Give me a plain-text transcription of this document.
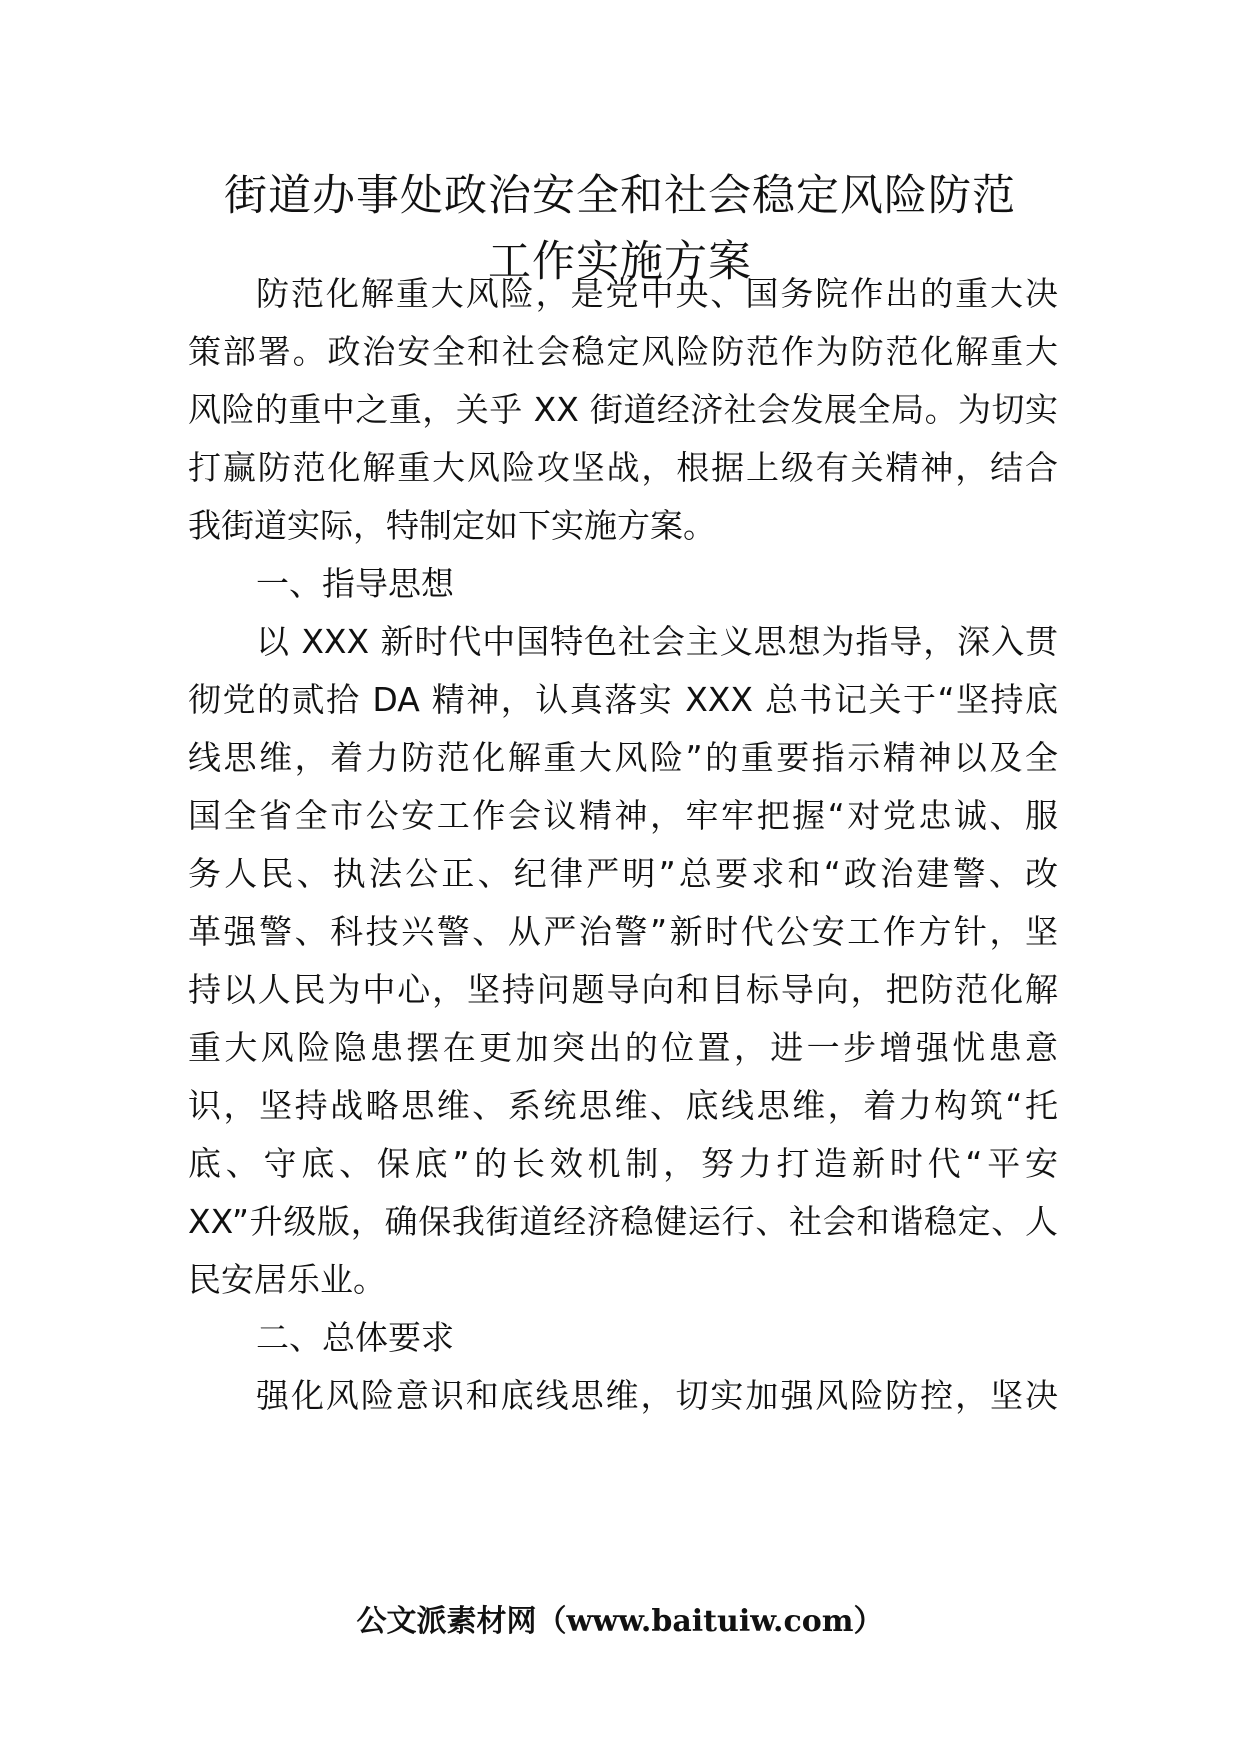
街道办事处政治安全和社会稳定风险防范
工作实施方案
防范化解重大风险，是党中央、国务院作出的重大决
策部署。政治安全和社会稳定风险防范作为防范化解重大
风险的重中之重，关乎 XX 街道经济社会发展全局。为切实
打赢防范化解重大风险攻坚战，根据上级有关精神，结合
我街道实际，特制定如下实施方案。
一、指导思想
以 XXX 新时代中国特色社会主义思想为指导，深入贯
彻党的贰拾 DA 精神，认真落实 XXX 总书记关于“坚持底
线思维，着力防范化解重大风险”的重要指示精神以及全
国全省全市公安工作会议精神，牢牢把握“对党忠诚、服
务人民、执法公正、纪律严明”总要求和“政治建警、改
革强警、科技兴警、从严治警”新时代公安工作方针，坚
持以人民为中心，坚持问题导向和目标导向，把防范化解
重大风险隐患摆在更加突出的位置，进一步增强忧患意
识，坚持战略思维、系统思维、底线思维，着力构筑“托
底、守底、保底”的长效机制，努力打造新时代“平安
XX”升级版，确保我街道经济稳健运行、社会和谐稳定、人
民安居乐业。
二、总体要求
强化风险意识和底线思维，切实加强风险防控，坚决
公文派素材网（www.baituiw.com）
